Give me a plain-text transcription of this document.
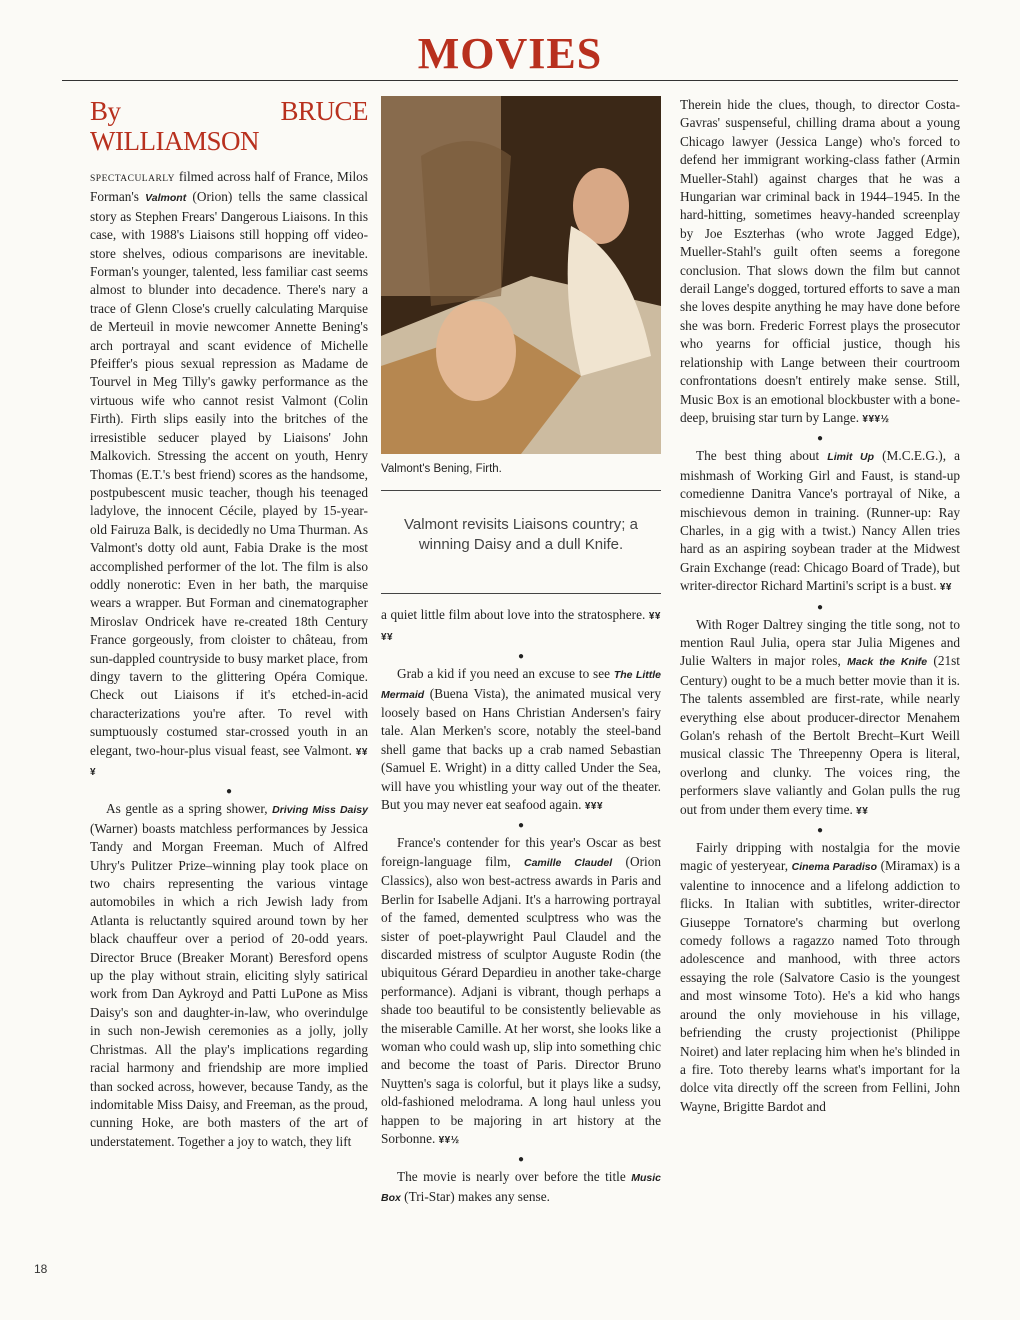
MOVIES
By BRUCE WILLIAMSON

SPECTACULARLY filmed across half of France, Milos Forman's Valmont (Orion) tells the same classical story as Stephen Frears' Dangerous Liaisons. In this case, with 1988's Liaisons still hopping off video-store shelves, odious comparisons are inevitable. Forman's younger, talented, less familiar cast seems almost to blunder into decadence. There's nary a trace of Glenn Close's cruelly calculating Marquise de Merteuil in movie newcomer Annette Bening's arch portrayal and scant evidence of Michelle Pfeiffer's pious sexual repression as Madame de Tourvel in Meg Tilly's gawky performance as the virtuous wife who cannot resist Valmont (Colin Firth). Firth slips easily into the britches of the irresistible seducer played by Liaisons' John Malkovich. Stressing the accent on youth, Henry Thomas (E.T.'s best friend) scores as the handsome, postpubescent music teacher, though his teenaged ladylove, the innocent Cécile, played by 15-year-old Fairuza Balk, is decidedly no Uma Thurman. As Valmont's dotty old aunt, Fabia Drake is the most accomplished performer of the lot. The film is also oddly nonerotic: Even in her bath, the marquise wears a wrapper. But Forman and cinematographer Miroslav Ondricek have re-created 18th Century France gorgeously, from cloister to château, from sun-dappled countryside to busy market place, from dingy tavern to the glittering Opéra Comique. Check out Liaisons if it's etched-in-acid characterizations you're after. To revel with sumptuously costumed star-crossed youth in an elegant, two-hour-plus visual feast, see Valmont. ¥¥¥

●

As gentle as a spring shower, Driving Miss Daisy (Warner) boasts matchless performances by Jessica Tandy and Morgan Freeman. Much of Alfred Uhry's Pulitzer Prize–winning play took place on two chairs representing the various vintage automobiles in which a rich Jewish lady from Atlanta is reluctantly squired around town by her black chauffeur over a period of 20-odd years. Director Bruce (Breaker Morant) Beresford opens up the play without strain, eliciting slyly satirical work from Dan Aykroyd and Patti LuPone as Miss Daisy's son and daughter-in-law, who overindulge in such non-Jewish ceremonies as a jolly, jolly Christmas. All the play's implications regarding racial harmony and friendship are more implied than socked across, however, because Tandy, as the indomitable Miss Daisy, and Freeman, as the proud, cunning Hoke, are both masters of the art of understatement. Together a joy to watch, they lift

Valmont's Bening, Firth.
Valmont revisits Liaisons country; a winning Daisy and a dull Knife.

a quiet little film about love into the stratosphere. ¥¥¥¥

●

Grab a kid if you need an excuse to see The Little Mermaid (Buena Vista), the animated musical very loosely based on Hans Christian Andersen's fairy tale. Alan Merken's score, notably the steel-band shell game that backs up a crab named Sebastian (Samuel E. Wright) in a ditty called Under the Sea, will have you whistling your way out of the theater. But you may never eat seafood again. ¥¥¥

●

France's contender for this year's Oscar as best foreign-language film, Camille Claudel (Orion Classics), also won best-actress awards in Paris and Berlin for Isabelle Adjani. It's a harrowing portrayal of the famed, demented sculptress who was the sister of poet-playwright Paul Claudel and the discarded mistress of sculptor Auguste Rodin (the ubiquitous Gérard Depardieu in another take-charge performance). Adjani is vibrant, though perhaps a shade too beautiful to be consistently believable as the miserable Camille. At her worst, she looks like a woman who could wash up, slip into something chic and become the toast of Paris. Director Bruno Nuytten's saga is colorful, but it plays like a sudsy, old-fashioned melodrama. A long haul unless you happen to be majoring in art history at the Sorbonne. ¥¥½

●

The movie is nearly over before the title Music Box (Tri-Star) makes any sense.

Therein hide the clues, though, to director Costa-Gavras' suspenseful, chilling drama about a young Chicago lawyer (Jessica Lange) who's forced to defend her immigrant working-class father (Armin Mueller-Stahl) against charges that he was a Hungarian war criminal back in 1944–1945. In the hard-hitting, sometimes heavy-handed screenplay by Joe Eszterhas (who wrote Jagged Edge), Mueller-Stahl's guilt often seems a foregone conclusion. That slows down the film but cannot derail Lange's dogged, tortured efforts to save a man she loves despite anything he may have done before she was born. Frederic Forrest plays the prosecutor who yearns for official justice, though his relationship with Lange between their courtroom confrontations doesn't entirely make sense. Still, Music Box is an emotional blockbuster with a bone-deep, bruising star turn by Lange. ¥¥¥½

●

The best thing about Limit Up (M.C.E.G.), a mishmash of Working Girl and Faust, is stand-up comedienne Danitra Vance's portrayal of Nike, a mischievous demon in training. (Runner-up: Ray Charles, in a gig with a twist.) Nancy Allen tries hard as an aspiring soybean trader at the Midwest Grain Exchange (read: Chicago Board of Trade), but writer-director Richard Martini's script is a bust. ¥¥

●

With Roger Daltrey singing the title song, not to mention Raul Julia, opera star Julia Migenes and Julie Walters in major roles, Mack the Knife (21st Century) ought to be a much better movie than it is. The talents assembled are first-rate, while nearly everything else about producer-director Menahem Golan's rehash of the Bertolt Brecht–Kurt Weill musical classic The Threepenny Opera is literal, overlong and clunky. The voices ring, the performers slave valiantly and Golan pulls the rug out from under them every time. ¥¥

●

Fairly dripping with nostalgia for the movie magic of yesteryear, Cinema Paradiso (Miramax) is a valentine to innocence and a lifelong addiction to flicks. In Italian with subtitles, writer-director Giuseppe Tornatore's charming but overlong comedy follows a ragazzo named Toto through adolescence and manhood, with three actors essaying the role (Salvatore Casio is the youngest and most winsome Toto). He's a kid who hangs around the only moviehouse in his village, befriending the crusty projectionist (Philippe Noiret) and later replacing him when he's blinded in a fire. Toto thereby learns what's important for la dolce vita directly off the screen from Fellini, John Wayne, Brigitte Bardot and

18
